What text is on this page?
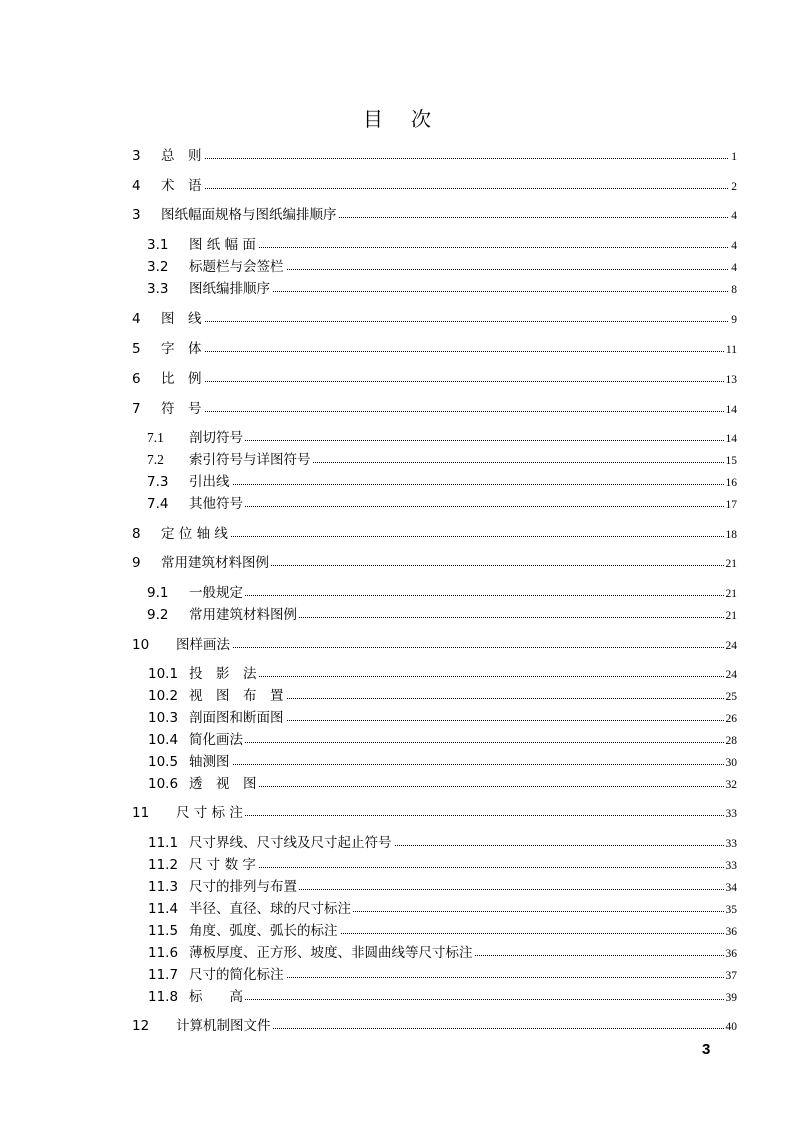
目 次
3 总　则	1
4 术　语	2
3 图纸幅面规格与图纸编排顺序	4
3.1 图 纸 幅 面	4
3.2 标题栏与会签栏	4
3.3 图纸编排顺序	8
4 图　线	9
5 字　体	11
6 比　例	13
7 符　号	14
7.1 剖切符号	14
7.2 索引符号与详图符号	15
7.3 引出线	16
7.4 其他符号	17
8 定 位 轴 线	18
9 常用建筑材料图例	21
9.1 一般规定	21
9.2 常用建筑材料图例	21
10 图样画法	24
10.1 投　影　法	24
10.2 视　图　布　置	25
10.3 剖面图和断面图	26
10.4 简化画法	28
10.5 轴测图	30
10.6 透　视　图	32
11 尺 寸 标 注	33
11.1 尺寸界线、尺寸线及尺寸起止符号	33
11.2 尺 寸 数 字	33
11.3 尺寸的排列与布置	34
11.4 半径、直径、球的尺寸标注	35
11.5 角度、弧度、弧长的标注	36
11.6 薄板厚度、正方形、坡度、非圆曲线等尺寸标注	36
11.7 尺寸的简化标注	37
11.8 标　　高	39
12 计算机制图文件	40
3
